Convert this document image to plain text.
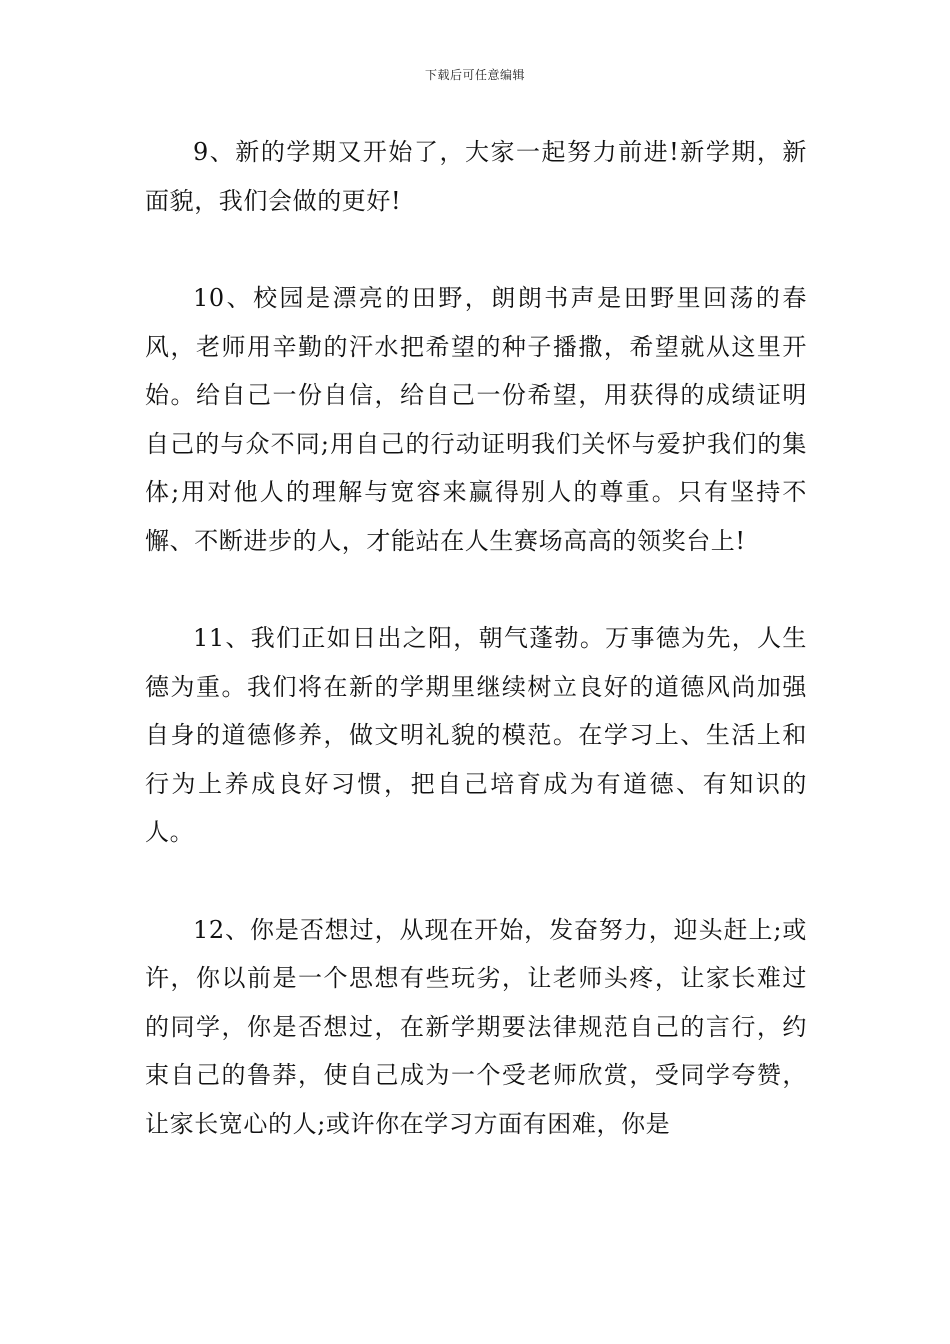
下载后可任意编辑

9、新的学期又开始了，大家一起努力前进!新学期，新面貌，我们会做的更好!

10、校园是漂亮的田野，朗朗书声是田野里回荡的春风，老师用辛勤的汗水把希望的种子播撒，希望就从这里开始。给自己一份自信，给自己一份希望，用获得的成绩证明自己的与众不同;用自己的行动证明我们关怀与爱护我们的集体;用对他人的理解与宽容来赢得别人的尊重。只有坚持不懈、不断进步的人，才能站在人生赛场高高的领奖台上!

11、我们正如日出之阳，朝气蓬勃。万事德为先，人生德为重。我们将在新的学期里继续树立良好的道德风尚加强自身的道德修养，做文明礼貌的模范。在学习上、生活上和行为上养成良好习惯，把自己培育成为有道德、有知识的人。

12、你是否想过，从现在开始，发奋努力，迎头赶上;或许，你以前是一个思想有些玩劣，让老师头疼，让家长难过的同学，你是否想过，在新学期要法律规范自己的言行，约束自己的鲁莽，使自己成为一个受老师欣赏，受同学夸赞，让家长宽心的人;或许你在学习方面有困难，你是
